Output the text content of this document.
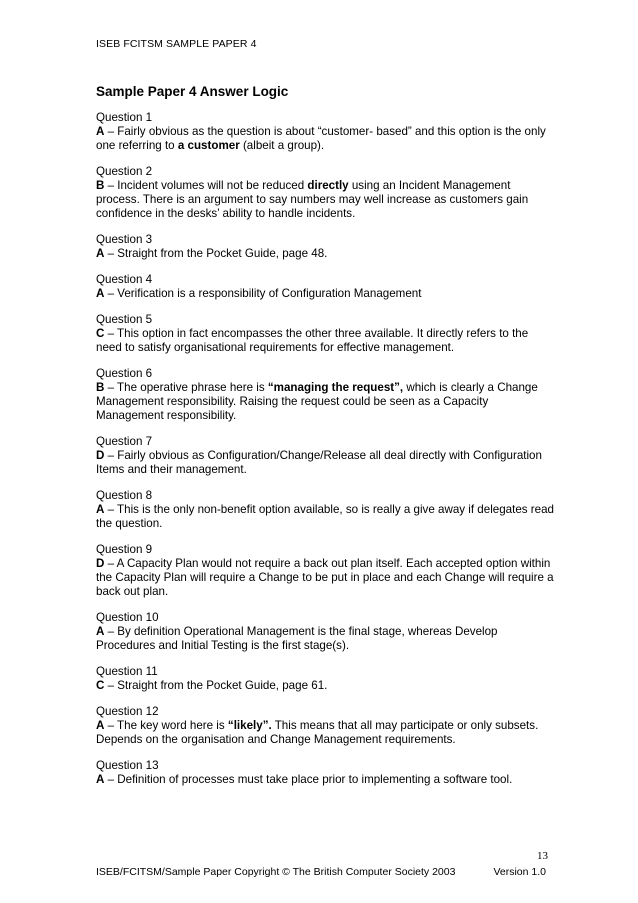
ISEB FCITSM SAMPLE PAPER 4
Sample Paper 4 Answer Logic
Question 1
A – Fairly obvious as the question is about “customer- based” and this option is the only one referring to a customer (albeit a group).
Question 2
B – Incident volumes will not be reduced directly using an Incident Management process. There is an argument to say numbers may well increase as customers gain confidence in the desks’ ability to handle incidents.
Question 3
A – Straight from the Pocket Guide, page 48.
Question 4
A – Verification is a responsibility of Configuration Management
Question 5
C – This option in fact encompasses the other three available. It directly refers to the need to satisfy organisational requirements for effective management.
Question 6
B – The operative phrase here is “managing the request”, which is clearly a Change Management responsibility. Raising the request could be seen as a Capacity Management responsibility.
Question 7
D – Fairly obvious as Configuration/Change/Release all deal directly with Configuration Items and their management.
Question 8
A – This is the only non-benefit option available, so is really a give away if delegates read the question.
Question 9
D – A Capacity Plan would not require a back out plan itself. Each accepted option within the Capacity Plan will require a Change to be put in place and each Change will require a back out plan.
Question 10
A – By definition Operational Management is the final stage, whereas Develop Procedures and Initial Testing is the first stage(s).
Question 11
C – Straight from the Pocket Guide, page 61.
Question 12
A – The key word here is “likely”. This means that all may participate or only subsets. Depends on the organisation and Change Management requirements.
Question 13
A – Definition of processes must take place prior to implementing a software tool.
13
ISEB/FCITSM/Sample Paper Copyright © The British Computer Society 2003	Version 1.0
